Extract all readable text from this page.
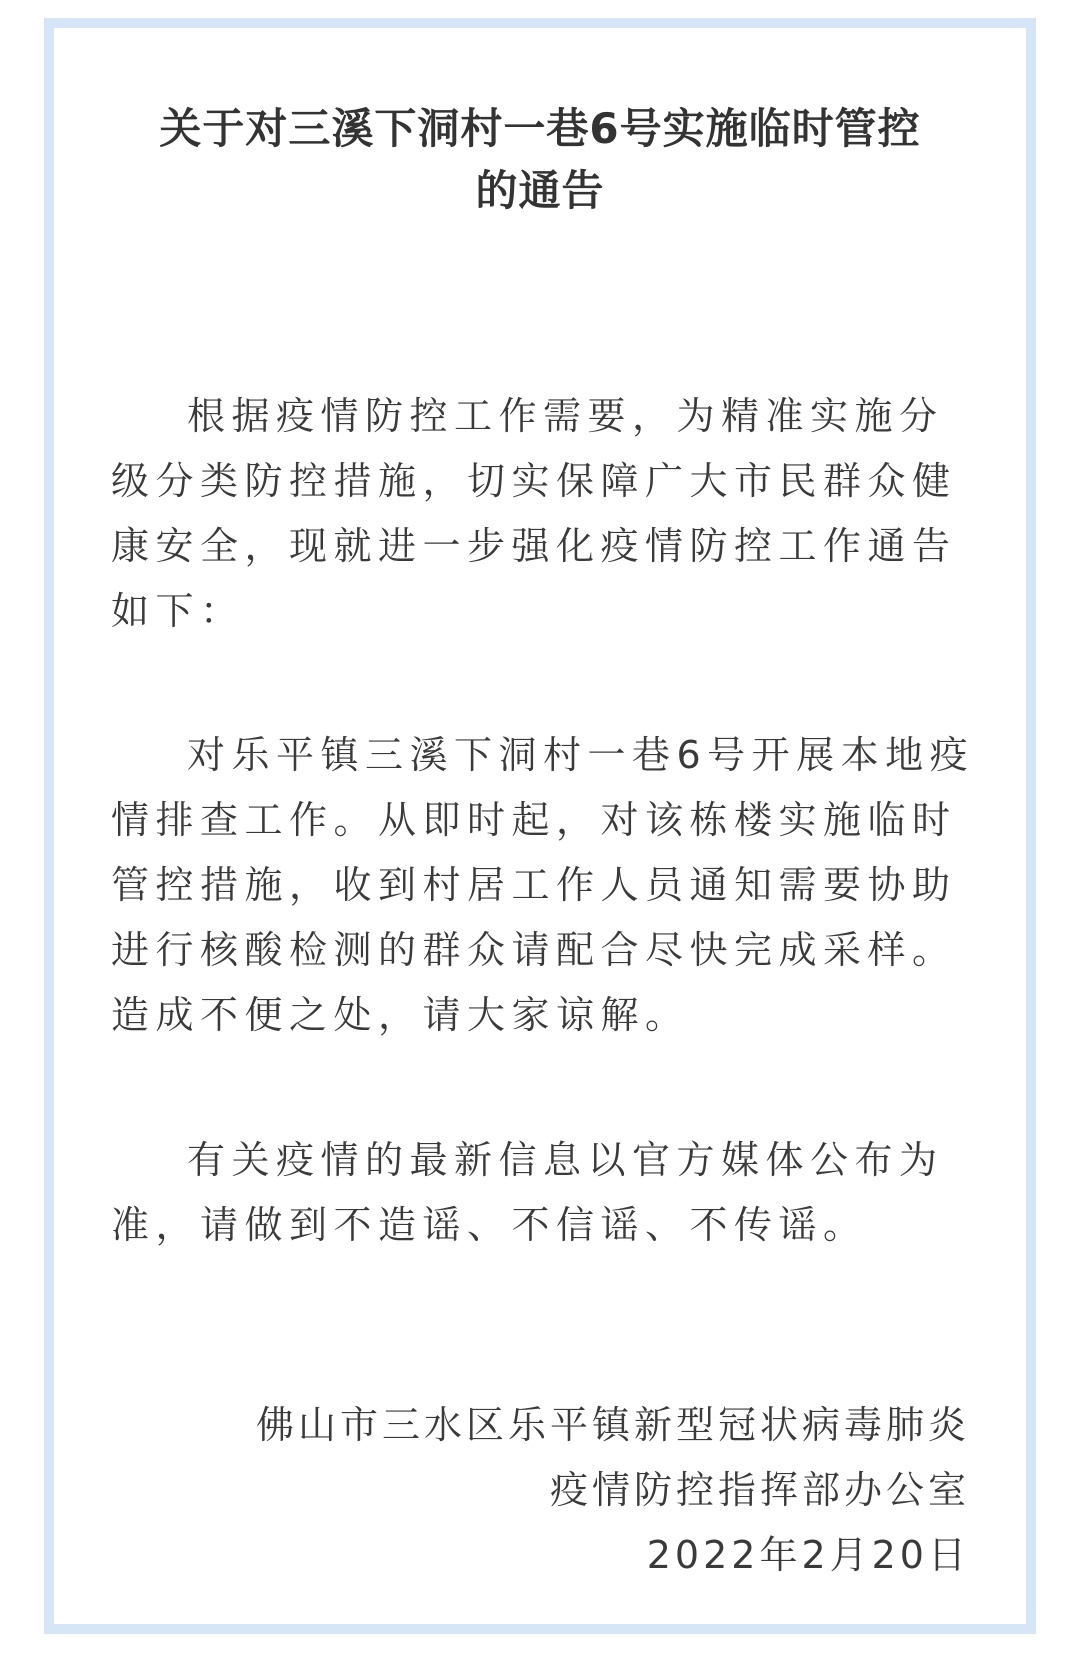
关于对三溪下洞村一巷6号实施临时管控
的通告
根据疫情防控工作需要，为精准实施分
级分类防控措施，切实保障广大市民群众健
康安全，现就进一步强化疫情防控工作通告
如下：
对乐平镇三溪下洞村一巷6号开展本地疫
情排查工作。从即时起，对该栋楼实施临时
管控措施，收到村居工作人员通知需要协助
进行核酸检测的群众请配合尽快完成采样。
造成不便之处，请大家谅解。
有关疫情的最新信息以官方媒体公布为
准，请做到不造谣、不信谣、不传谣。
佛山市三水区乐平镇新型冠状病毒肺炎
疫情防控指挥部办公室
2022年2月20日
